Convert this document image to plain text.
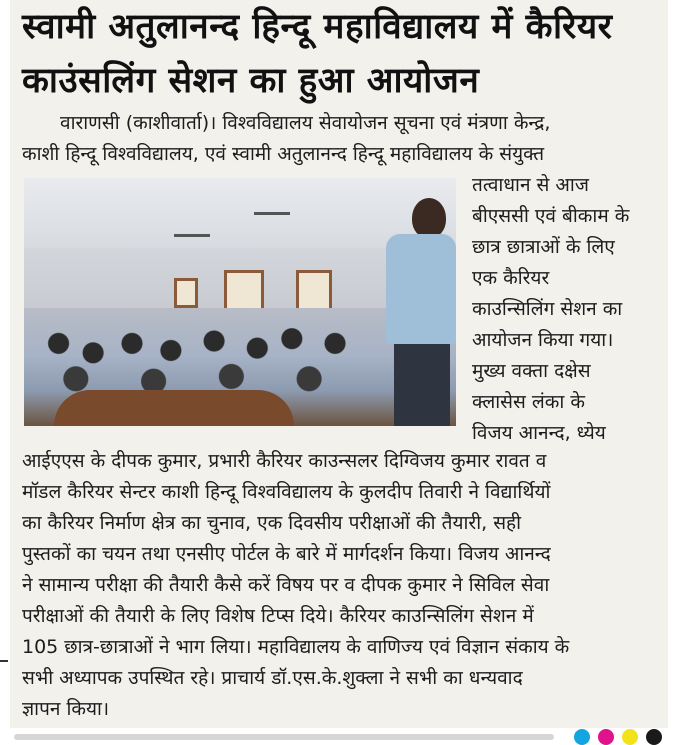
स्वामी अतुलानन्द हिन्दू महाविद्यालय में कैरियर
काउंसलिंग सेशन का हुआ आयोजन
वाराणसी (काशीवार्ता)। विश्वविद्यालय सेवायोजन सूचना एवं मंत्रणा केन्द्र,
काशी हिन्दू विश्वविद्यालय, एवं स्वामी अतुलानन्द हिन्दू महाविद्यालय के संयुक्त
तत्वाधान से आज
बीएससी एवं बीकाम के
छात्र छात्राओं के लिए
एक कैरियर
काउन्सिलिंग सेशन का
आयोजन किया गया।
मुख्य वक्ता दक्षेस
क्लासेस लंका के
विजय आनन्द, ध्येय
आईएएस के दीपक कुमार, प्रभारी कैरियर काउन्सलर दिग्विजय कुमार रावत व
मॉडल कैरियर सेन्टर काशी हिन्दू विश्वविद्यालय के कुलदीप तिवारी ने विद्यार्थियों
का कैरियर निर्माण क्षेत्र का चुनाव, एक दिवसीय परीक्षाओं की तैयारी, सही
पुस्तकों का चयन तथा एनसीए पोर्टल के बारे में मार्गदर्शन किया। विजय आनन्द
ने सामान्य परीक्षा की तैयारी कैसे करें विषय पर व दीपक कुमार ने सिविल सेवा
परीक्षाओं की तैयारी के लिए विशेष टिप्स दिये। कैरियर काउन्सिलिंग सेशन में
105 छात्र-छात्राओं ने भाग लिया। महाविद्यालय के वाणिज्य एवं विज्ञान संकाय के
सभी अध्यापक उपस्थित रहे। प्राचार्य डॉ.एस.के.शुक्ला ने सभी का धन्यवाद
ज्ञापन किया।
